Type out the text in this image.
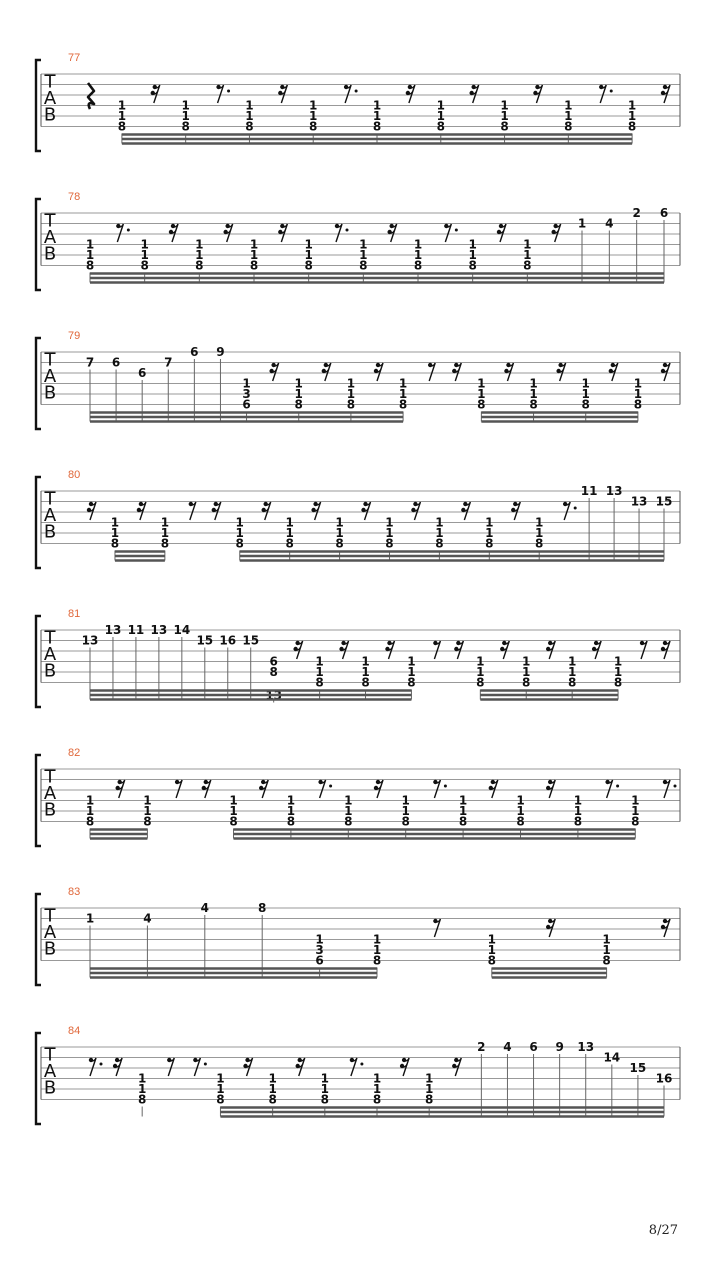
T
A
B
77
1
1
8
1
1
8
1
1
8
1
1
8
1
1
8
1
1
8
1
1
8
1
1
8
1
1
8
T
A
B
78
1
1
8
1
1
8
1
1
8
1
1
8
1
1
8
1
1
8
1
1
8
1
1
8
1
1
8
1 4
2 6
T
A
B
79
7 6
6
7
6 9
1
3
6
1
1
8
1
1
8
1
1
8
1
1
8
1
1
8
1
1
8
1
1
8
T
A
B
80
1
1
8
1
1
8
1
1
8
1
1
8
1
1
8
1
1
8
1
1
8
1
1
8
1
1
8
11 13
13 15
T
A
B
81
13
13 11 13 14
15 16 15
6
8
13
1
1
8
1
1
8
1
1
8
1
1
8
1
1
8
1
1
8
1
1
8
T
A
B
82
1
1
8
1
1
8
1
1
8
1
1
8
1
1
8
1
1
8
1
1
8
1
1
8
1
1
8
1
1
8
T
A
B
83
1	4
4	8
1
3
6
1
1
8
1
1
8
1
1
8
T
A
B
84
1
1
8
1
1
8
1
1
8
1
1
8
1
1
8
1
1
8
2 4 6 9 13
14
15
16
8/27
